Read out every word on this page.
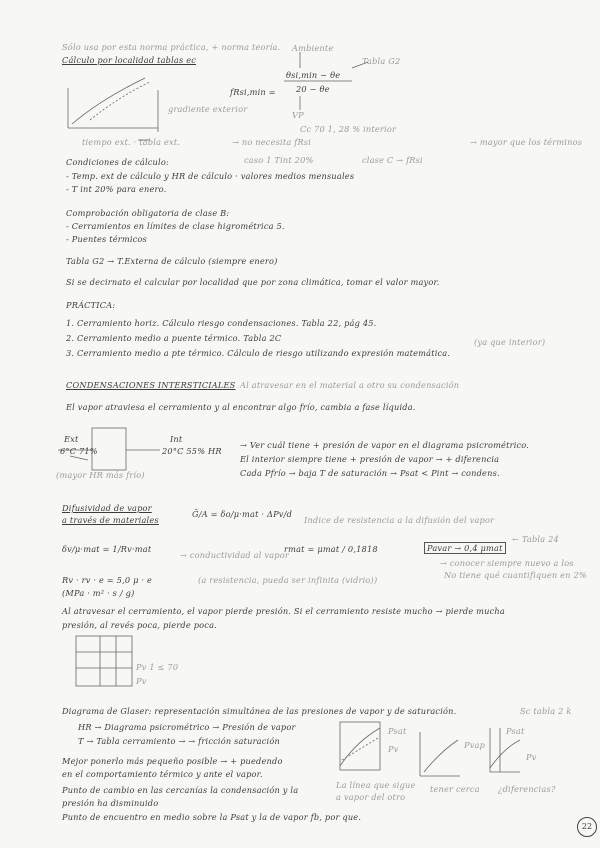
Sólo usa por esta norma práctica, + norma teoría.
Cálculo por localidad tablas ec
Ambiente
fRsi,min =
θsi,min − θe
20 − θe
Tabla G2
VP
gradiente exterior
tiempo ext. · tabla ext.	→ no necesita fRsi	→ mayor que los términos
caso 1 Tint 20%	clase C → fRsi
Cc 70 1, 28 % interior
Condiciones de cálculo:
- Temp. ext de cálculo y HR de cálculo · valores medios mensuales
- T int 20% para enero.
Comprobación obligatoria de clase B:
- Cerramientos en límites de clase higrométrica 5.
- Puentes térmicos
Tabla G2 → T.Externa de cálculo (siempre enero)
Si se decirnato el calcular por localidad que por zona climática, tomar el valor mayor.
PRÁCTICA:
1. Cerramiento horiz. Cálculo riesgo condensaciones. Tabla 22, pág 45.
2. Cerramiento medio a puente térmico. Tabla 2C
3. Cerramiento medio a pte térmico. Cálculo de riesgo utilizando expresión matemática.
(ya que interior)
CONDENSACIONES INTERSTICIALES Al atravesar en el material a otro su condensación
El vapor atraviesa el cerramiento y al encontrar algo frío, cambia a fase líquida.
Ext
6°C 71%
(mayor HR más frío)
Int
20°C 55% HR
→ Ver cuál tiene + presión de vapor en el diagrama psicrométrico.
El interior siempre tiene + presión de vapor → + diferencia
Cada Pfrío → baja T de saturación → Psat < Pint → condens.
Difusividad de vapor
a través de materiales
Ḡ/A = δo/μ·mat · ΔPv/d
Indice de resistencia a la difusión del vapor
δv/μ·mat = 1/Rv·mat
→ conductividad al vapor
rmat = μmat / 0,1818	Pavar → 0,4 μmat
← Tabla 24
→ conocer siempre nuevo a los
No tiene qué cuantifiquen en 2%
Rv · rv · e = 5,0 μ · e
(MPa · m² · s / g)
(a resistencia, pueda ser infinita (vidrio))
Al atravesar el cerramiento, el vapor pierde presión. Si el cerramiento resiste mucho → pierde mucha
presión, al revés poca, pierde poca.
Pv 1 ≤ 70
Pv
Diagrama de Glaser: representación simultánea de las presiones de vapor y de saturación.	Sc tabla 2 k
HR → Diagrama psicrométrico → Presión de vapor
T → Tabla cerramiento → → fricción saturación
Mejor ponerlo más pequeño posible → + puedendo
en el comportamiento térmico y ante el vapor.
Punto de cambio en las cercanías la condensación y la
presión ha disminuido
Punto de encuentro en medio sobre la Psat y la de vapor fb, por que.
Psat
Pv
La línea que sigue
a vapor del otro
Pvap
tener cerca
Psat
Pv
¿diferencias?
22
